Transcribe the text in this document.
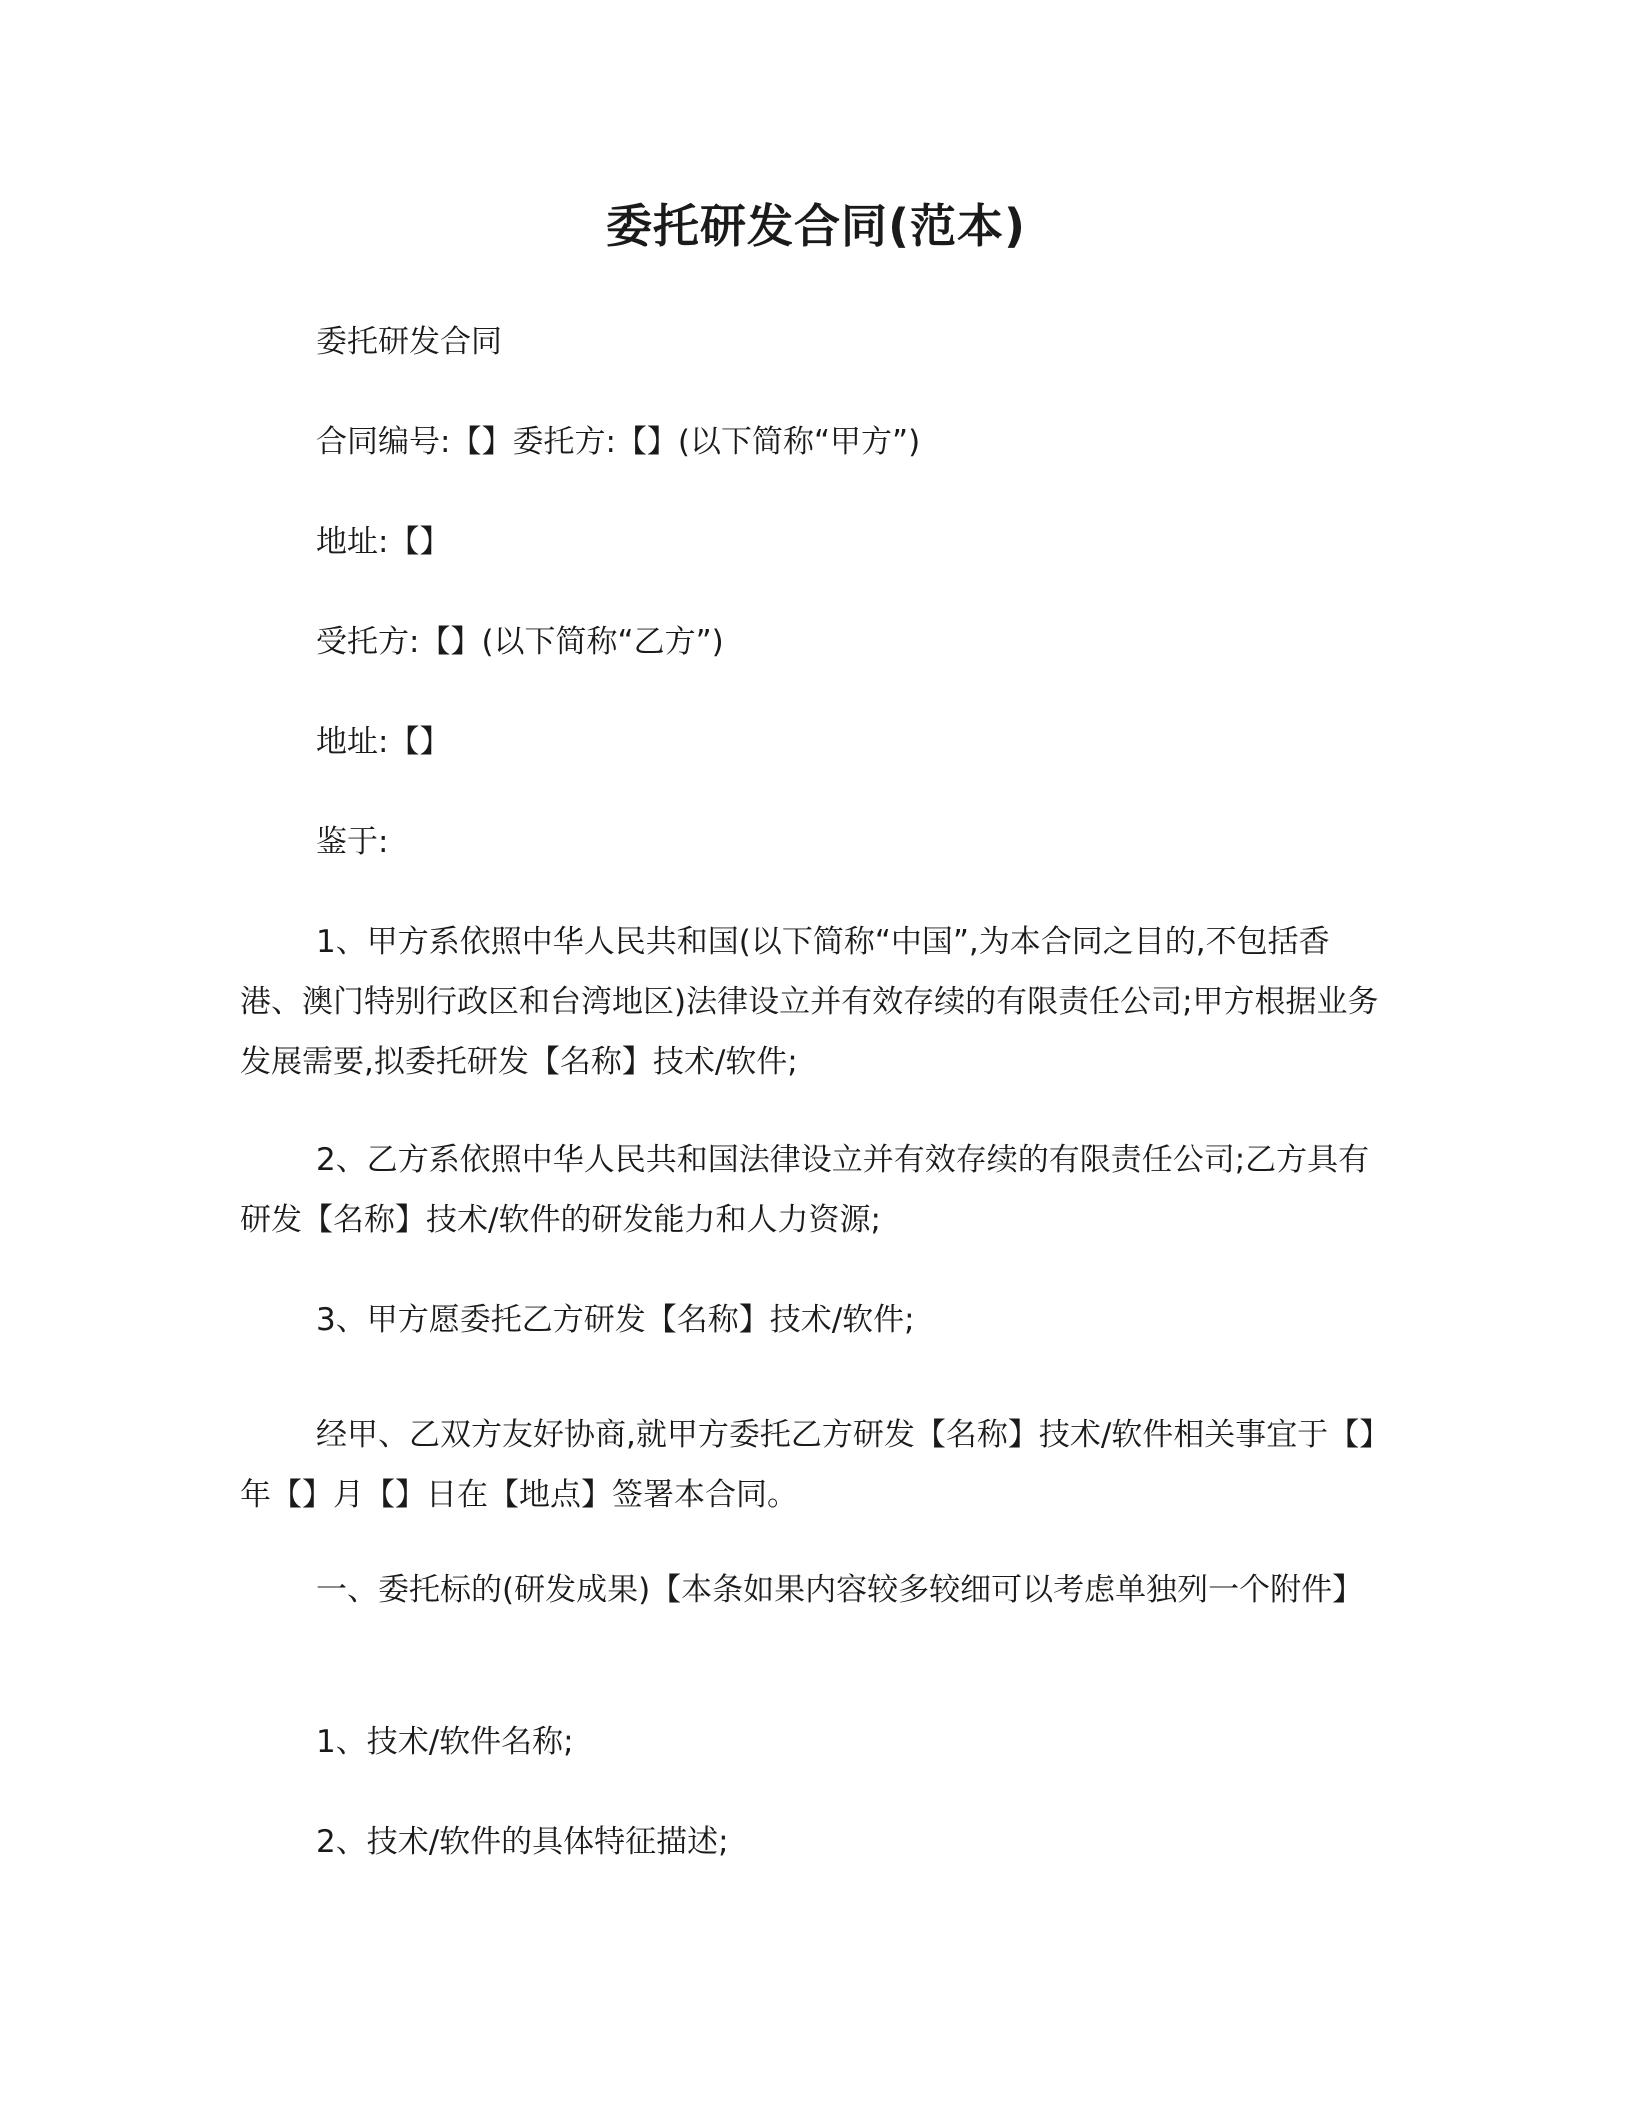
委托研发合同(范本)
委托研发合同
合同编号:【】委托方:【】(以下简称“甲方”)
地址:【】
受托方:【】(以下简称“乙方”)
地址:【】
鉴于:
1、甲方系依照中华人民共和国(以下简称“中国”,为本合同之目的,不包括香港、澳门特别行政区和台湾地区)法律设立并有效存续的有限责任公司;甲方根据业务发展需要,拟委托研发【名称】技术/软件;
2、乙方系依照中华人民共和国法律设立并有效存续的有限责任公司;乙方具有研发【名称】技术/软件的研发能力和人力资源;
3、甲方愿委托乙方研发【名称】技术/软件;
经甲、乙双方友好协商,就甲方委托乙方研发【名称】技术/软件相关事宜于【】年【】月【】日在【地点】签署本合同。
一、委托标的(研发成果)【本条如果内容较多较细可以考虑单独列一个附件】
1、技术/软件名称;
2、技术/软件的具体特征描述;
